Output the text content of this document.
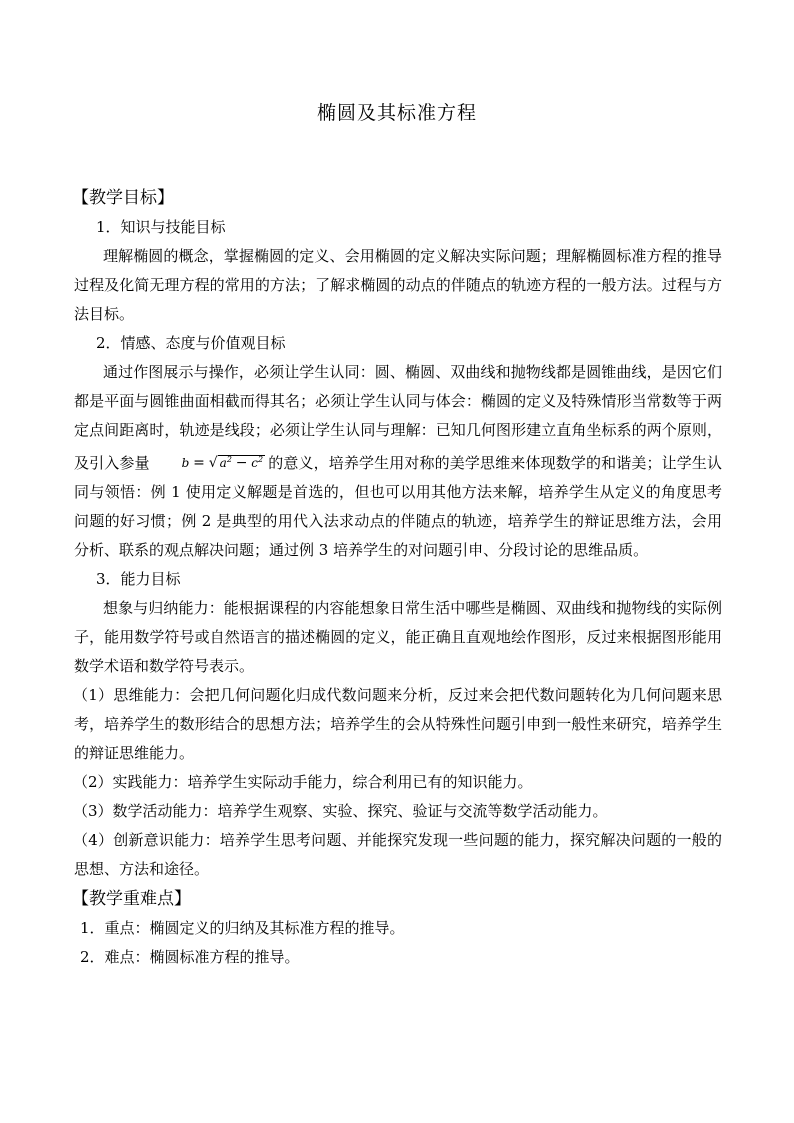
椭圆及其标准方程
【教学目标】
1．知识与技能目标
理解椭圆的概念，掌握椭圆的定义、会用椭圆的定义解决实际问题；理解椭圆标准方程的推导过程及化简无理方程的常用的方法；了解求椭圆的动点的伴随点的轨迹方程的一般方法。过程与方法目标。
2．情感、态度与价值观目标
通过作图展示与操作，必须让学生认同：圆、椭圆、双曲线和抛物线都是圆锥曲线，是因它们都是平面与圆锥曲面相截而得其名；必须让学生认同与体会：椭圆的定义及特殊情形当常数等于两定点间距离时，轨迹是线段；必须让学生认同与理解：已知几何图形建立直角坐标系的两个原则，及引入参量	b = √ $a^2 - c^2$ 的意义，培养学生用对称的美学思维来体现数学的和谐美；让学生认同与领悟：例 1 使用定义解题是首选的，但也可以用其他方法来解，培养学生从定义的角度思考问题的好习惯；例 2 是典型的用代入法求动点的伴随点的轨迹，培养学生的辩证思维方法，会用分析、联系的观点解决问题；通过例 3 培养学生的对问题引申、分段讨论的思维品质。
3．能力目标
想象与归纳能力：能根据课程的内容能想象日常生活中哪些是椭圆、双曲线和抛物线的实际例子，能用数学符号或自然语言的描述椭圆的定义，能正确且直观地绘作图形，反过来根据图形能用数学术语和数学符号表示。
（1）思维能力：会把几何问题化归成代数问题来分析，反过来会把代数问题转化为几何问题来思考，培养学生的数形结合的思想方法；培养学生的会从特殊性问题引申到一般性来研究，培养学生的辩证思维能力。
（2）实践能力：培养学生实际动手能力，综合利用已有的知识能力。
（3）数学活动能力：培养学生观察、实验、探究、验证与交流等数学活动能力。
（4）创新意识能力：培养学生思考问题、并能探究发现一些问题的能力，探究解决问题的一般的思想、方法和途径。
【教学重难点】
1．重点：椭圆定义的归纳及其标准方程的推导。
2．难点：椭圆标准方程的推导。
